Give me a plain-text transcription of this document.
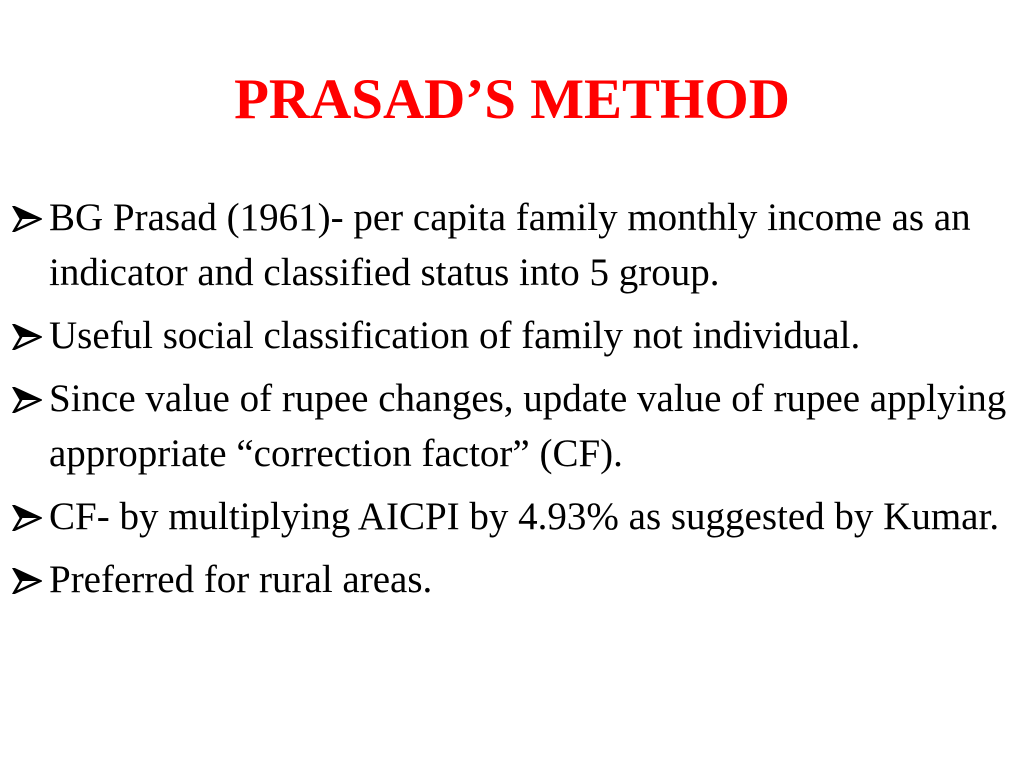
PRASAD’S METHOD
BG Prasad (1961)- per capita family monthly income as an indicator and classified status into 5 group.
Useful social classification of family not individual.
Since value of rupee changes, update value of rupee applying appropriate “correction factor” (CF).
CF- by multiplying AICPI by 4.93% as suggested by Kumar.
Preferred for rural areas.
